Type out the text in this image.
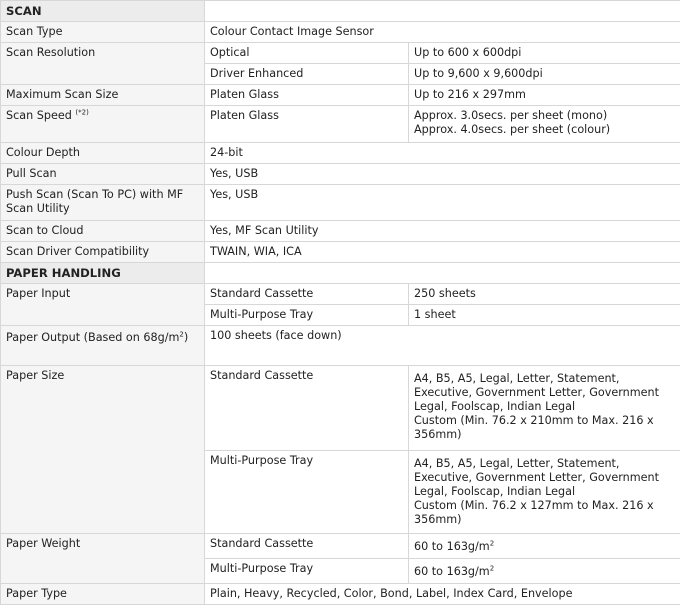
SCAN		
Scan Type	Colour Contact Image Sensor	
Scan Resolution	Optical	Up to 600 x 600dpi
	Driver Enhanced	Up to 9,600 x 9,600dpi
Maximum Scan Size	Platen Glass	Up to 216 x 297mm
Scan Speed $^{(*2)}$	Platen Glass	Approx. 3.0secs. per sheet (mono)
Approx. 4.0secs. per sheet (colour)

Colour Depth	24-bit	
Pull Scan	Yes, USB	
Push Scan (Scan To PC) with MF Scan Utility	Yes, USB	
Scan to Cloud	Yes, MF Scan Utility	
Scan Driver Compatibility	TWAIN, WIA, ICA	
PAPER HANDLING		
Paper Input	Standard Cassette	250 sheets
	Multi-Purpose Tray	1 sheet
Paper Output (Based on $68g/m^2$)	100 sheets (face down)	
Paper Size	Standard Cassette	A4, B5, A5, Legal, Letter, Statement, Executive, Government Letter, Government Legal, Foolscap, Indian Legal
Custom (Min. 76.2 x 210mm to Max. 216 x 356mm)

	Multi-Purpose Tray	A4, B5, A5, Legal, Letter, Statement, Executive, Government Letter, Government Legal, Foolscap, Indian Legal
Custom (Min. 76.2 x 127mm to Max. 216 x 356mm)

Paper Weight	Standard Cassette	60 to $163g/m^2$
	Multi-Purpose Tray	60 to $163g/m^2$
Paper Type	Plain, Heavy, Recycled, Color, Bond, Label, Index Card, Envelope	
